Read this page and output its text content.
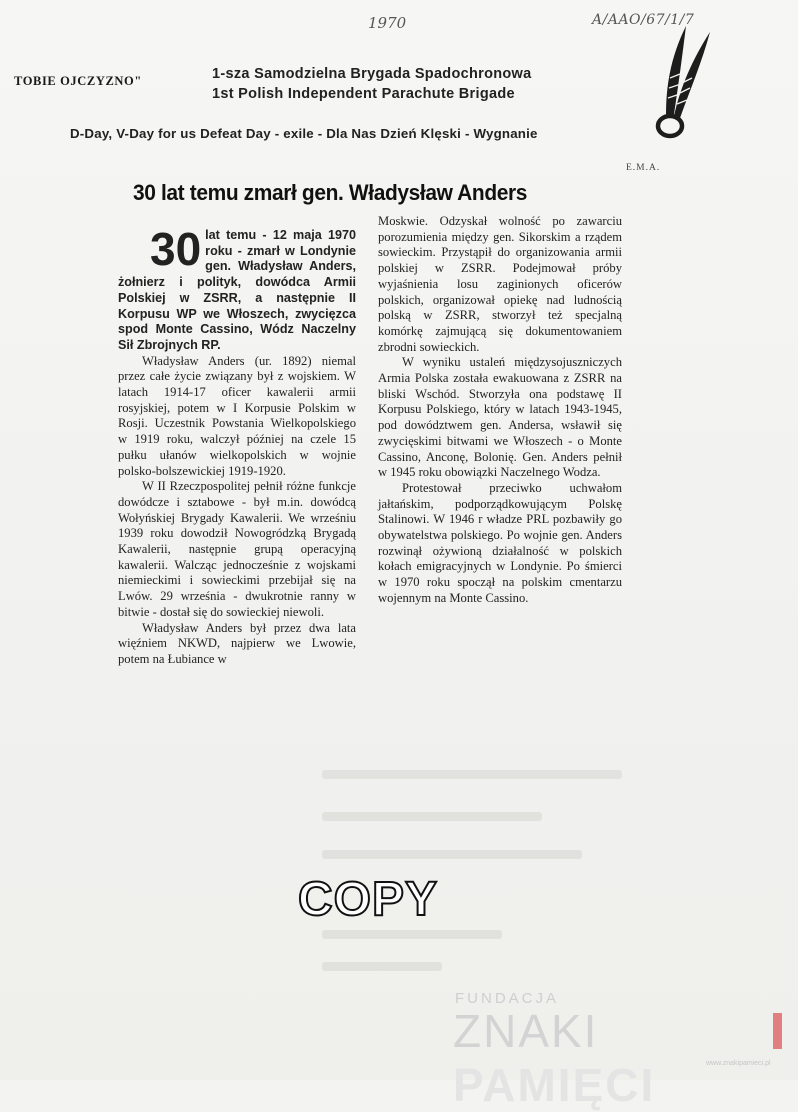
1970	A/AAO/67/1/7
TOBIE OJCZYZNO"	1-sza Samodzielna Brygada Spadochronowa
1st Polish Independent Parachute Brigade
D-Day, V-Day for us Defeat Day - exile - Dla Nas Dzień Klęski - Wygnanie
E.M.A.
30 lat temu zmarł gen. Władysław Anders
30 lat temu - 12 maja 1970 roku - zmarł w Londynie gen. Władysław Anders, żołnierz i polityk, dowódca Armii Polskiej w ZSRR, a następnie II Korpusu WP we Włoszech, zwycięzca spod Monte Cassino, Wódz Naczelny Sił Zbrojnych RP.

Władysław Anders (ur. 1892) niemal przez całe życie związany był z wojskiem. W latach 1914-17 oficer kawalerii armii rosyjskiej, potem w I Korpusie Polskim w Rosji. Uczestnik Powstania Wielkopolskiego w 1919 roku, walczył później na czele 15 pułku ułanów wielkopolskich w wojnie polsko-bolszewickiej 1919-1920.

W II Rzeczpospolitej pełnił różne funkcje dowódcze i sztabowe - był m.in. dowódcą Wołyńskiej Brygady Kawalerii. We wrześniu 1939 roku dowodził Nowogródzką Brygadą Kawalerii, następnie grupą operacyjną kawalerii. Walcząc jednocześnie z wojskami niemieckimi i sowieckimi przebijał się na Lwów. 29 września - dwukrotnie ranny w bitwie - dostał się do sowieckiej niewoli.

Władysław Anders był przez dwa lata więźniem NKWD, najpierw we Lwowie, potem na Łubiance w

Moskwie. Odzyskał wolność po zawarciu porozumienia między gen. Sikorskim a rządem sowieckim. Przystąpił do organizowania armii polskiej w ZSRR. Podejmował próby wyjaśnienia losu zaginionych oficerów polskich, organizował opiekę nad ludnością polską w ZSRR, stworzył też specjalną komórkę zajmującą się dokumentowaniem zbrodni sowieckich.

W wyniku ustaleń międzysojuszniczych Armia Polska została ewakuowana z ZSRR na bliski Wschód. Stworzyła ona podstawę II Korpusu Polskiego, który w latach 1943-1945, pod dowództwem gen. Andersa, wsławił się zwycięskimi bitwami we Włoszech - o Monte Cassino, Anconę, Bolonię. Gen. Anders pełnił w 1945 roku obowiązki Naczelnego Wodza.

Protestował przeciwko uchwałom jałtańskim, podporządkowującym Polskę Stalinowi. W 1946 r władze PRL pozbawiły go obywatelstwa polskiego. Po wojnie gen. Anders rozwinął ożywioną działalność w polskich kołach emigracyjnych w Londynie. Po śmierci w 1970 roku spoczął na polskim cmentarzu wojennym na Monte Cassino.

COPY
FUNDACJA
ZNAKI PAMIĘCI	www.znakipamieci.pl
